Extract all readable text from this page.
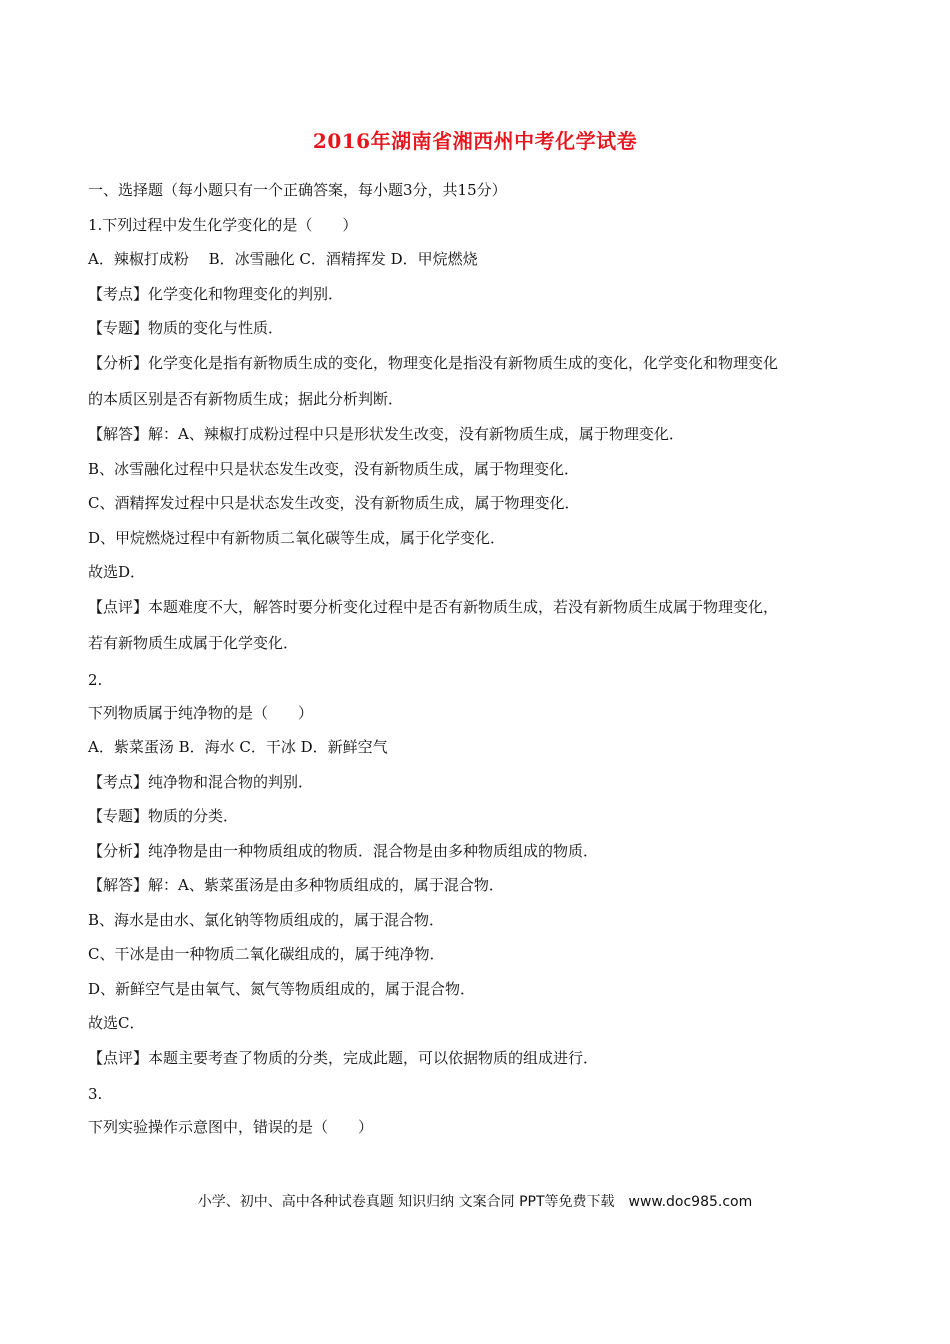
2016年湖南省湘西州中考化学试卷
一、选择题（每小题只有一个正确答案，每小题3分，共15分）
1.下列过程中发生化学变化的是（　　）
A．辣椒打成粉　 B．冰雪融化 C．酒精挥发 D．甲烷燃烧
【考点】化学变化和物理变化的判别．
【专题】物质的变化与性质．
【分析】化学变化是指有新物质生成的变化，物理变化是指没有新物质生成的变化，化学变化和物理变化
的本质区别是否有新物质生成；据此分析判断．
【解答】解：A、辣椒打成粉过程中只是形状发生改变，没有新物质生成，属于物理变化．
B、冰雪融化过程中只是状态发生改变，没有新物质生成，属于物理变化．
C、酒精挥发过程中只是状态发生改变，没有新物质生成，属于物理变化．
D、甲烷燃烧过程中有新物质二氧化碳等生成，属于化学变化．
故选D．
【点评】本题难度不大，解答时要分析变化过程中是否有新物质生成，若没有新物质生成属于物理变化，
若有新物质生成属于化学变化．
2.
下列物质属于纯净物的是（　　）
A．紫菜蛋汤 B．海水 C．干冰 D．新鲜空气
【考点】纯净物和混合物的判别．
【专题】物质的分类．
【分析】纯净物是由一种物质组成的物质．混合物是由多种物质组成的物质．
【解答】解：A、紫菜蛋汤是由多种物质组成的，属于混合物．
B、海水是由水、氯化钠等物质组成的，属于混合物．
C、干冰是由一种物质二氧化碳组成的，属于纯净物．
D、新鲜空气是由氧气、氮气等物质组成的，属于混合物．
故选C．
【点评】本题主要考查了物质的分类，完成此题，可以依据物质的组成进行．
3.
下列实验操作示意图中，错误的是（　　）
小学、初中、高中各种试卷真题 知识归纳 文案合同 PPT等免费下载　www.doc985.com
